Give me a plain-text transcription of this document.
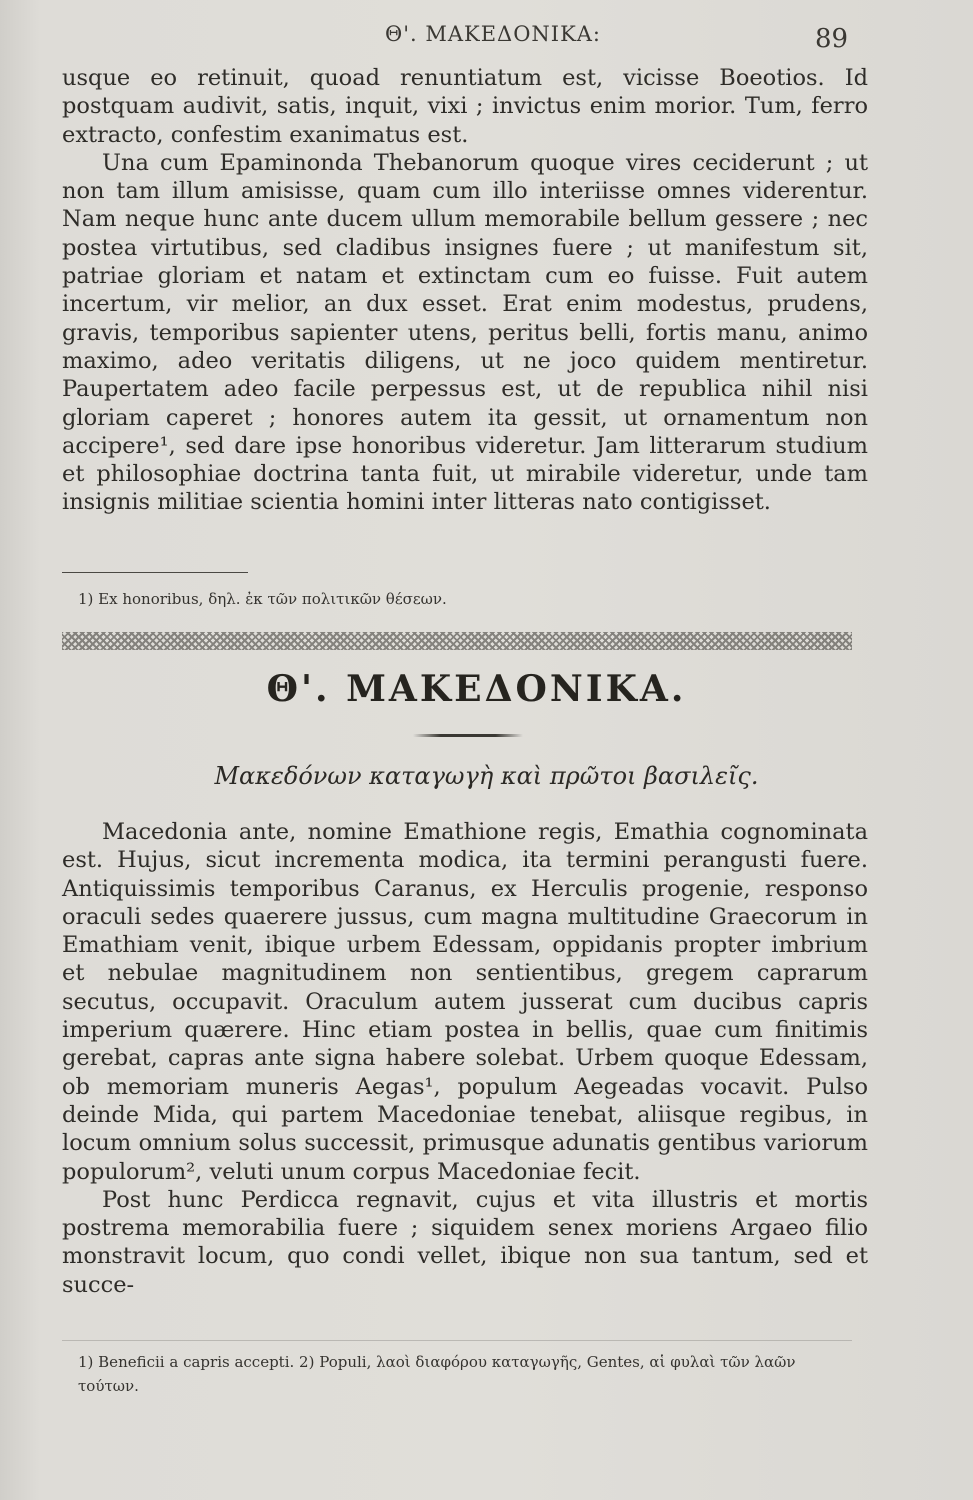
Θ'. ΜΑΚΕΔΟΝΙΚΑ:	89

usque eo retinuit, quoad renuntiatum est, vicisse Boeotios. Id postquam audivit, satis, inquit, vixi ; invictus enim morior. Tum, ferro extracto, confestim exanimatus est.

Una cum Epaminonda Thebanorum quoque vires ceciderunt ; ut non tam illum amisisse, quam cum illo interiisse omnes viderentur. Nam neque hunc ante ducem ullum memorabile bellum gessere ; nec postea virtutibus, sed cladibus insignes fuere ; ut manifestum sit, patriae gloriam et natam et extinctam cum eo fuisse. Fuit autem incertum, vir melior, an dux esset. Erat enim modestus, prudens, gravis, temporibus sapienter utens, peritus belli, fortis manu, animo maximo, adeo veritatis diligens, ut ne joco quidem mentiretur. Paupertatem adeo facile perpessus est, ut de republica nihil nisi gloriam caperet ; honores autem ita gessit, ut ornamentum non accipere¹, sed dare ipse honoribus videretur. Jam litterarum studium et philosophiae doctrina tanta fuit, ut mirabile videretur, unde tam insignis militiae scientia homini inter litteras nato contigisset.

1) Ex honoribus, δηλ. ἐκ τῶν πολιτικῶν θέσεων.
Θ'. ΜΑΚΕΔΟΝΙΚΑ.
Μακεδόνων καταγωγὴ καὶ πρῶτοι βασιλεῖς.

Macedonia ante, nomine Emathione regis, Emathia cognominata est. Hujus, sicut incrementa modica, ita termini perangusti fuere. Antiquissimis temporibus Caranus, ex Herculis progenie, responso oraculi sedes quaerere jussus, cum magna multitudine Graecorum in Emathiam venit, ibique urbem Edessam, oppidanis propter imbrium et nebulae magnitudinem non sentientibus, gregem caprarum secutus, occupavit. Oraculum autem jusserat cum ducibus capris imperium quærere. Hinc etiam postea in bellis, quae cum finitimis gerebat, capras ante signa habere solebat. Urbem quoque Edessam, ob memoriam muneris Aegas¹, populum Aegeadas vocavit. Pulso deinde Mida, qui partem Macedoniae tenebat, aliisque regibus, in locum omnium solus successit, primusque adunatis gentibus variorum populorum², veluti unum corpus Macedoniae fecit.

Post hunc Perdicca regnavit, cujus et vita illustris et mortis postrema memorabilia fuere ; siquidem senex moriens Argaeo filio monstravit locum, quo condi vellet, ibique non sua tantum, sed et succe-

1) Beneficii a capris accepti. 2) Populi, λαοὶ διαφόρου καταγωγῆς, Gentes, αἱ φυλαὶ τῶν λαῶν τούτων.
